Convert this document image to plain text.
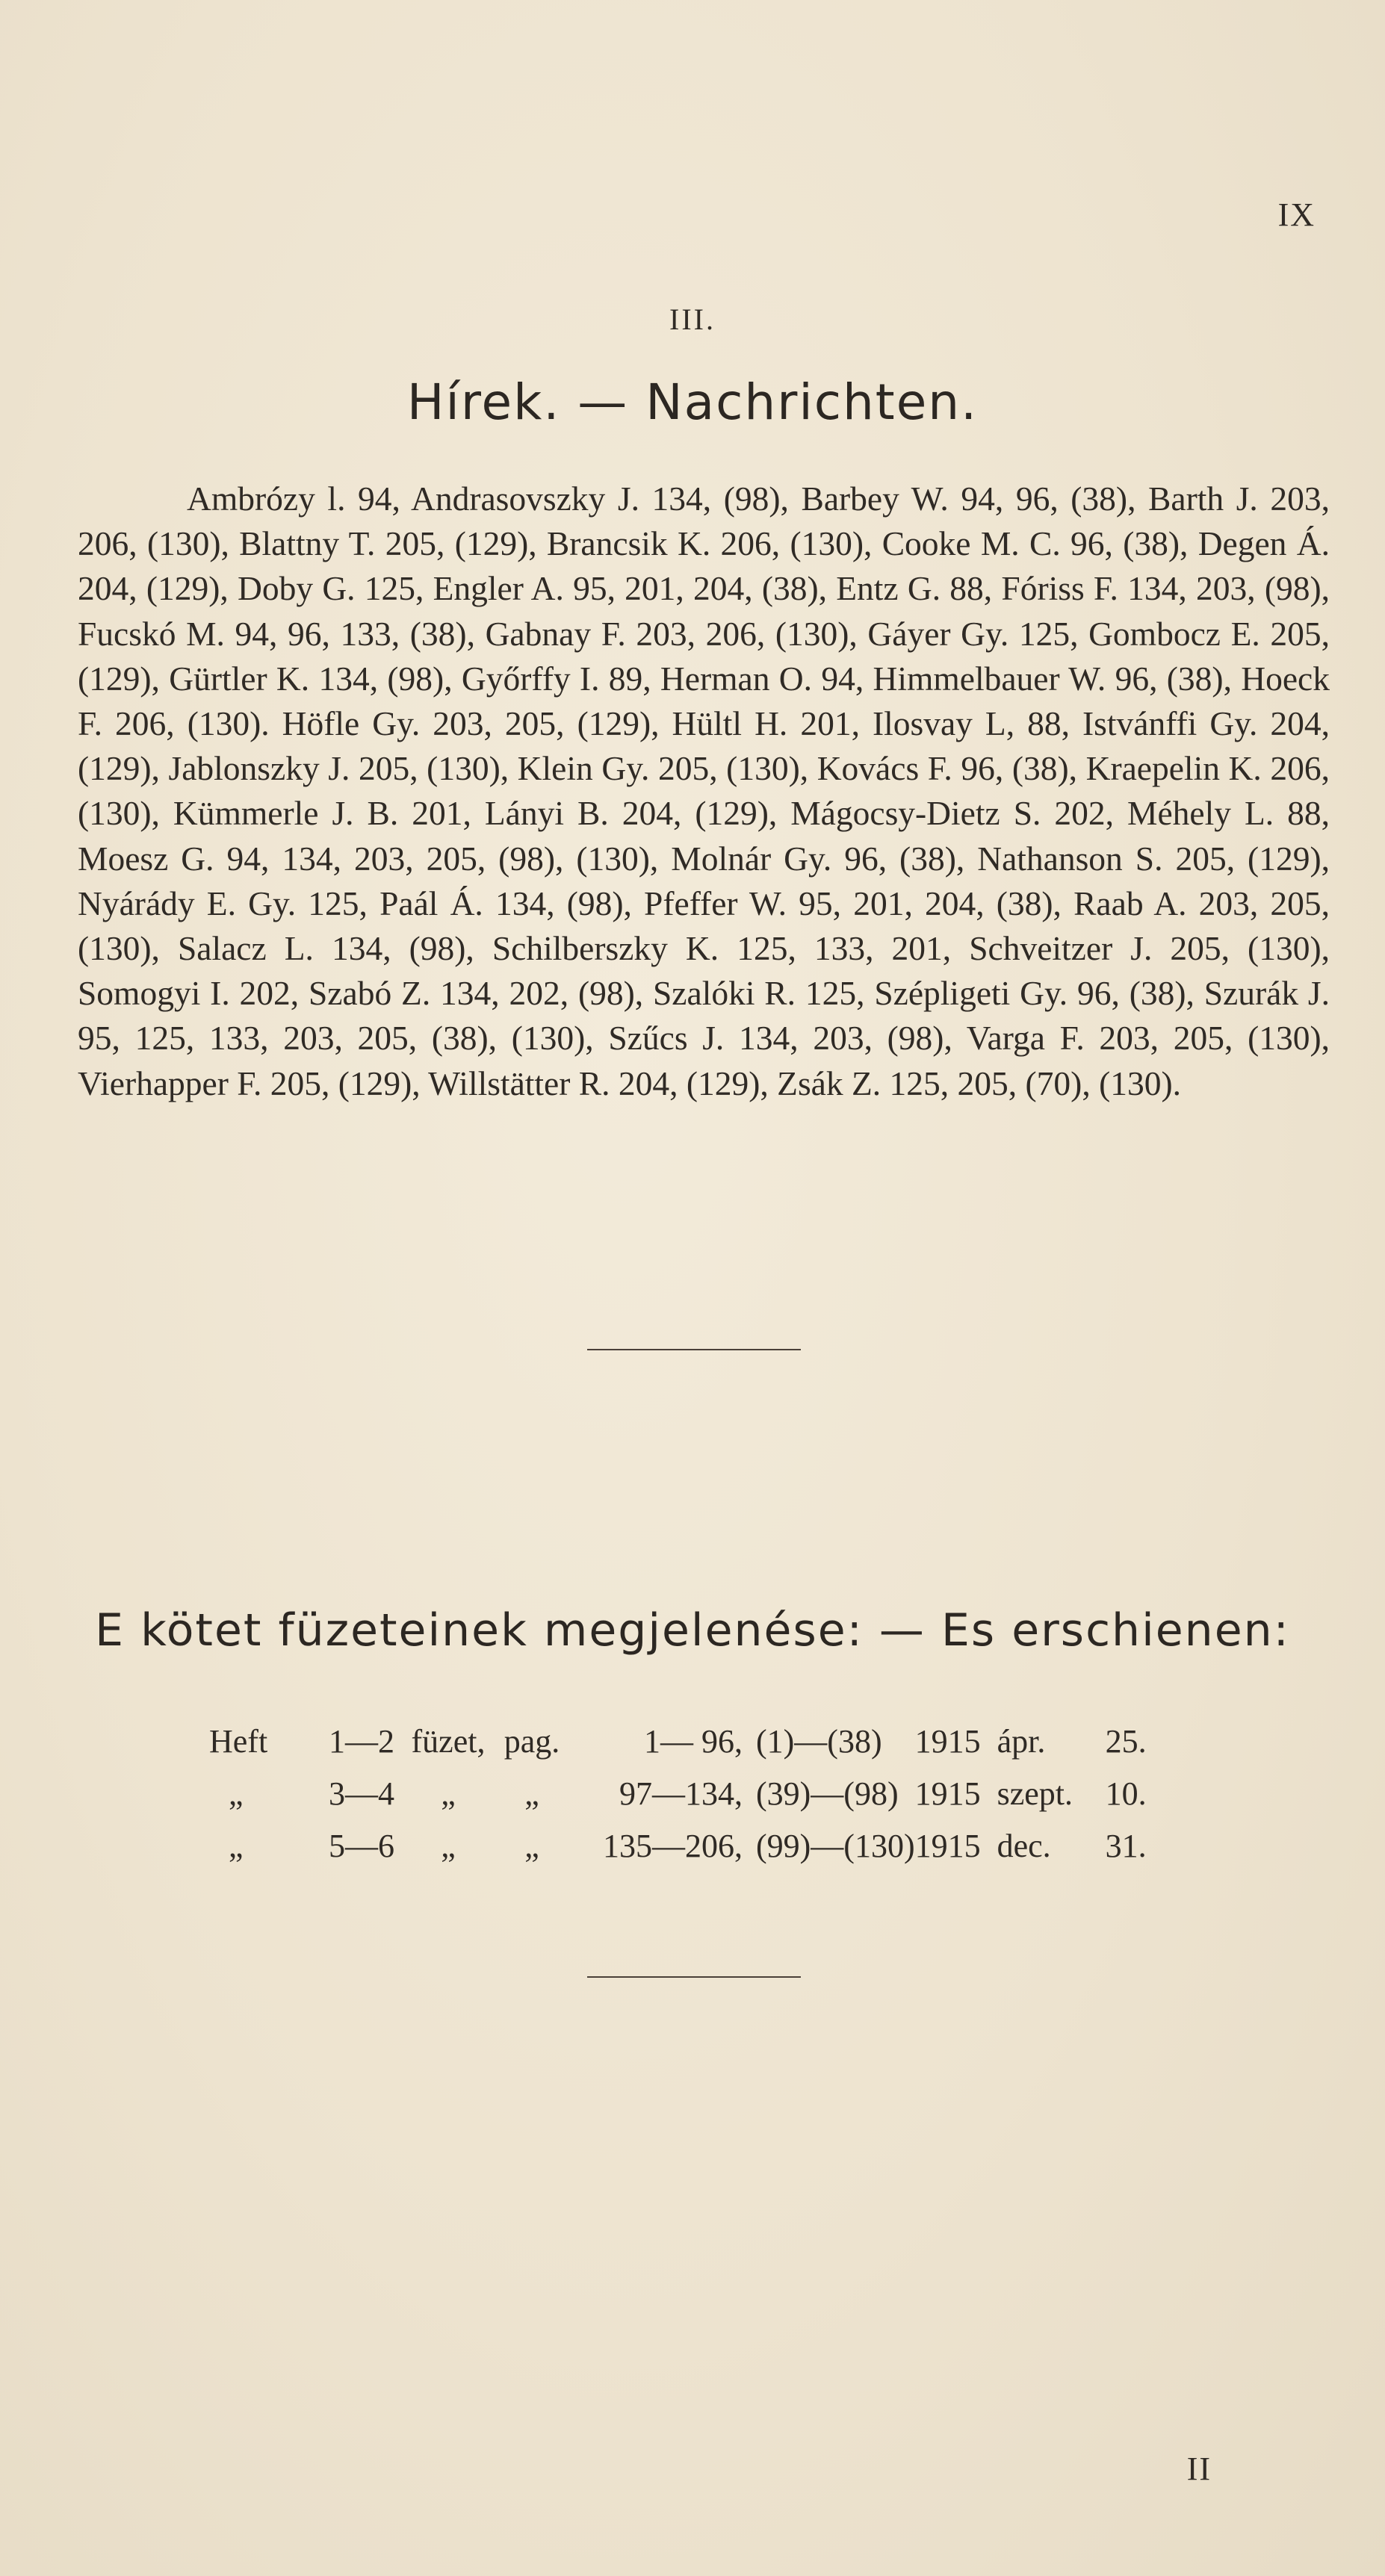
IX
III.
Hírek. — Nachrichten.

Ambrózy l. 94, Andrasovszky J. 134, (98), Barbey W. 94, 96, (38), Barth J. 203, 206, (130), Blattny T. 205, (129), Brancsik K. 206, (130), Cooke M. C. 96, (38), Degen Á. 204, (129), Doby G. 125, Engler A. 95, 201, 204, (38), Entz G. 88, Fóriss F. 134, 203, (98), Fucskó M. 94, 96, 133, (38), Gabnay F. 203, 206, (130), Gáyer Gy. 125, Gombocz E. 205, (129), Gürtler K. 134, (98), Győrffy I. 89, Herman O. 94, Himmelbauer W. 96, (38), Hoeck F. 206, (130). Höfle Gy. 203, 205, (129), Hültl H. 201, Ilosvay L, 88, Istvánffi Gy. 204, (129), Jablonszky J. 205, (130), Klein Gy. 205, (130), Kovács F. 96, (38), Kraepelin K. 206, (130), Kümmerle J. B. 201, Lányi B. 204, (129), Mágocsy-Dietz S. 202, Méhely L. 88, Moesz G. 94, 134, 203, 205, (98), (130), Molnár Gy. 96, (38), Nathanson S. 205, (129), Nyárády E. Gy. 125, Paál Á. 134, (98), Pfeffer W. 95, 201, 204, (38), Raab A. 203, 205, (130), Salacz L. 134, (98), Schilberszky K. 125, 133, 201, Schveitzer J. 205, (130), Somogyi I. 202, Szabó Z. 134, 202, (98), Szalóki R. 125, Szépligeti Gy. 96, (38), Szurák J. 95, 125, 133, 203, 205, (38), (130), Szűcs J. 134, 203, (98), Varga F. 203, 205, (130), Vierhapper F. 205, (129), Willstätter R. 204, (129), Zsák Z. 125, 205, (70), (130).

E kötet füzeteinek megjelenése: — Es erschienen:
Heft	1—2	füzet,	pag.	1— 96,	(1)—(38)	1915	ápr.	25.
„	3—4	„	„	97—134,	(39)—(98)	1915	szept.	10.
„	5—6	„	„	135—206,	(99)—(130)	1915	dec.	31.
II
